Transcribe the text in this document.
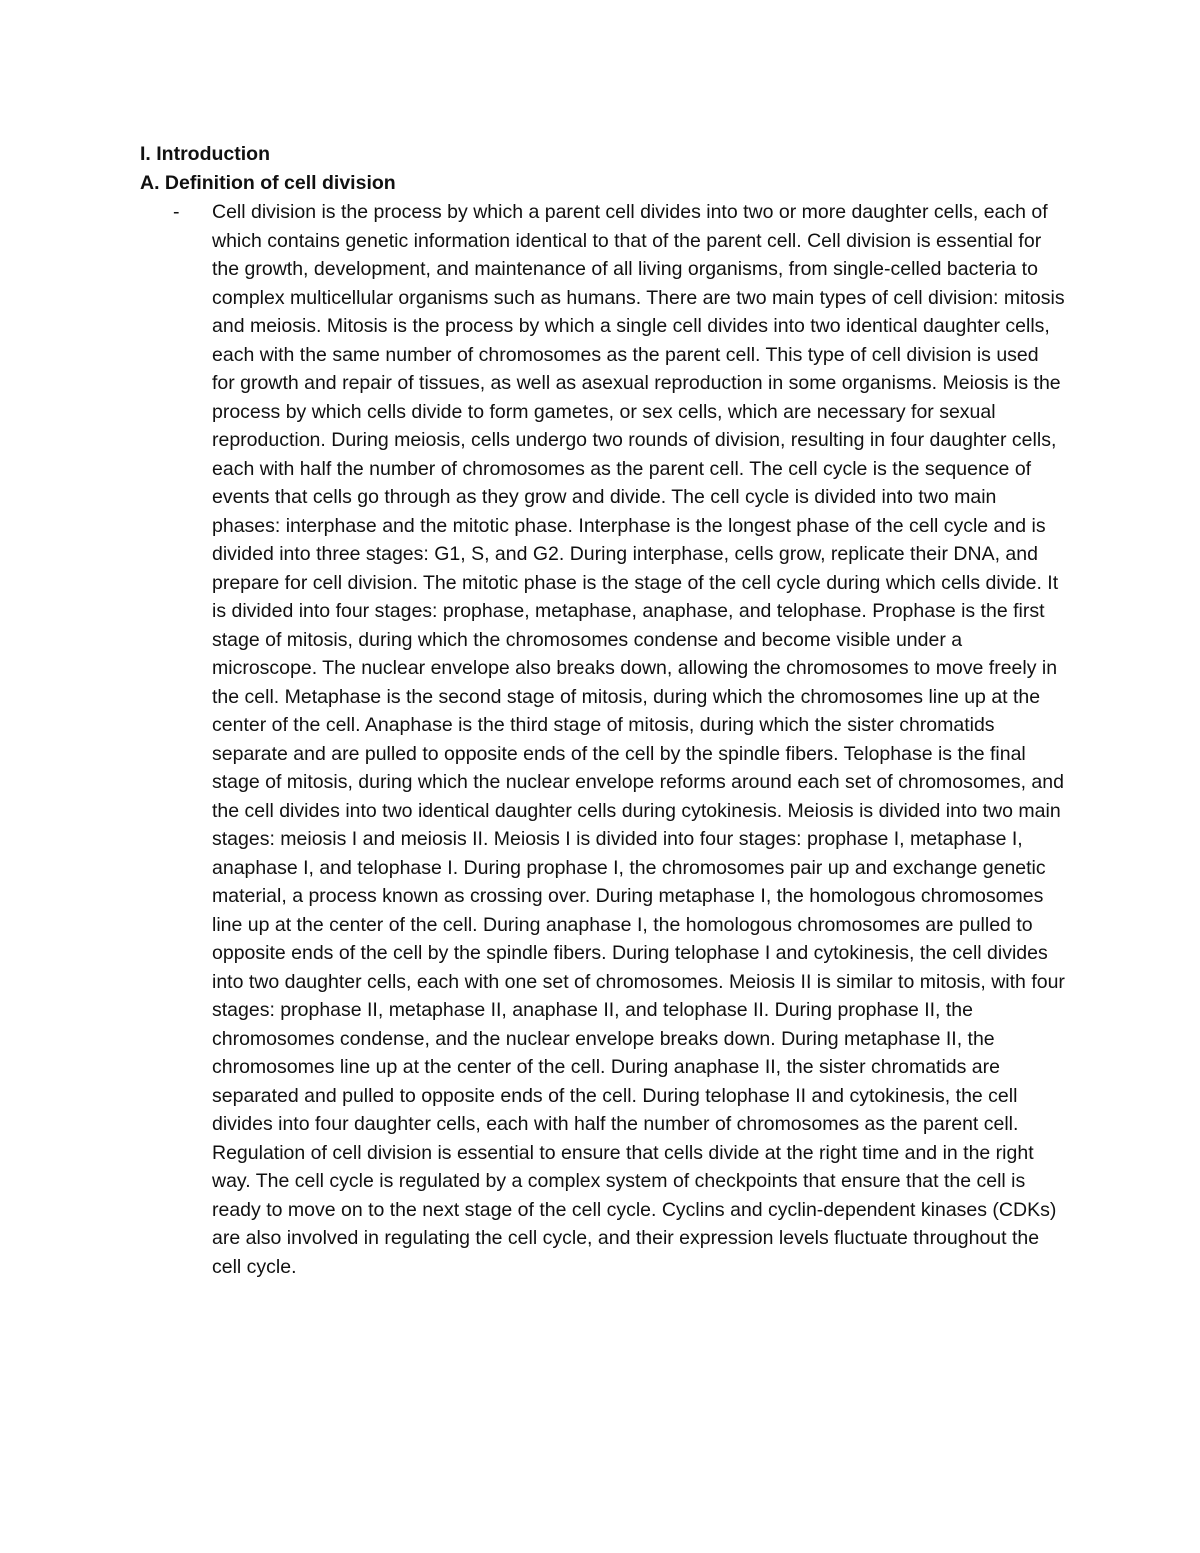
I. Introduction
A. Definition of cell division
-	Cell division is the process by which a parent cell divides into two or more daughter cells, each of which contains genetic information identical to that of the parent cell. Cell division is essential for the growth, development, and maintenance of all living organisms, from single-celled bacteria to complex multicellular organisms such as humans. There are two main types of cell division: mitosis and meiosis. Mitosis is the process by which a single cell divides into two identical daughter cells, each with the same number of chromosomes as the parent cell. This type of cell division is used for growth and repair of tissues, as well as asexual reproduction in some organisms. Meiosis is the process by which cells divide to form gametes, or sex cells, which are necessary for sexual reproduction. During meiosis, cells undergo two rounds of division, resulting in four daughter cells, each with half the number of chromosomes as the parent cell. The cell cycle is the sequence of events that cells go through as they grow and divide. The cell cycle is divided into two main phases: interphase and the mitotic phase. Interphase is the longest phase of the cell cycle and is divided into three stages: G1, S, and G2. During interphase, cells grow, replicate their DNA, and prepare for cell division. The mitotic phase is the stage of the cell cycle during which cells divide. It is divided into four stages: prophase, metaphase, anaphase, and telophase. Prophase is the first stage of mitosis, during which the chromosomes condense and become visible under a microscope. The nuclear envelope also breaks down, allowing the chromosomes to move freely in the cell. Metaphase is the second stage of mitosis, during which the chromosomes line up at the center of the cell. Anaphase is the third stage of mitosis, during which the sister chromatids separate and are pulled to opposite ends of the cell by the spindle fibers. Telophase is the final stage of mitosis, during which the nuclear envelope reforms around each set of chromosomes, and the cell divides into two identical daughter cells during cytokinesis. Meiosis is divided into two main stages: meiosis I and meiosis II. Meiosis I is divided into four stages: prophase I, metaphase I, anaphase I, and telophase I. During prophase I, the chromosomes pair up and exchange genetic material, a process known as crossing over. During metaphase I, the homologous chromosomes line up at the center of the cell. During anaphase I, the homologous chromosomes are pulled to opposite ends of the cell by the spindle fibers. During telophase I and cytokinesis, the cell divides into two daughter cells, each with one set of chromosomes. Meiosis II is similar to mitosis, with four stages: prophase II, metaphase II, anaphase II, and telophase II. During prophase II, the chromosomes condense, and the nuclear envelope breaks down. During metaphase II, the chromosomes line up at the center of the cell. During anaphase II, the sister chromatids are separated and pulled to opposite ends of the cell. During telophase II and cytokinesis, the cell divides into four daughter cells, each with half the number of chromosomes as the parent cell. Regulation of cell division is essential to ensure that cells divide at the right time and in the right way. The cell cycle is regulated by a complex system of checkpoints that ensure that the cell is ready to move on to the next stage of the cell cycle. Cyclins and cyclin-dependent kinases (CDKs) are also involved in regulating the cell cycle, and their expression levels fluctuate throughout the cell cycle.
